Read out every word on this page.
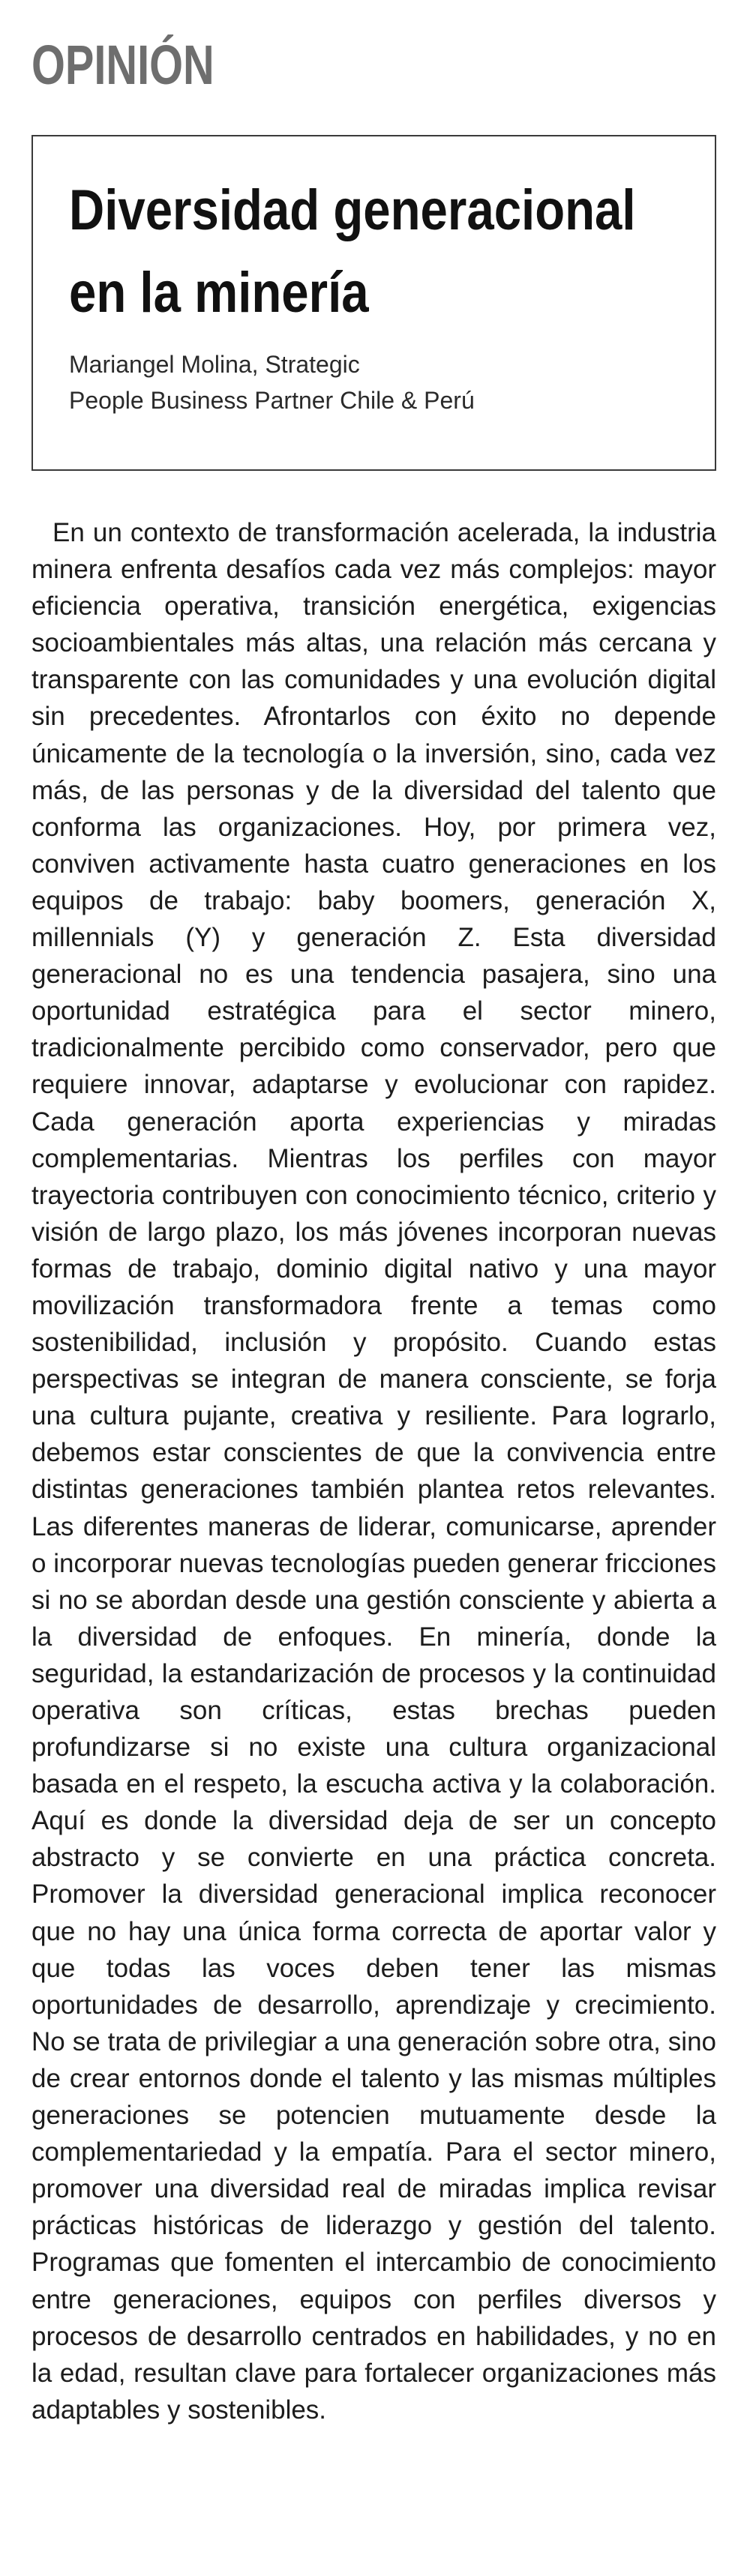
OPINIÓN
Diversidad generacional
en la minería
Mariangel Molina, Strategic
People Business Partner Chile & Perú

En un contexto de transformación acelerada, la industria minera enfrenta desafíos cada vez más complejos: mayor eficiencia operativa, transición energética, exigencias socioambientales más altas, una relación más cercana y transparente con las comunidades y una evolución digital sin precedentes. Afrontarlos con éxito no depende únicamente de la tecnología o la inversión, sino, cada vez más, de las personas y de la diversidad del talento que conforma las organizaciones. Hoy, por primera vez, conviven activamente hasta cuatro generaciones en los equipos de trabajo: baby boomers, generación X, millennials (Y) y generación Z. Esta diversidad generacional no es una tendencia pasajera, sino una oportunidad estratégica para el sector minero, tradicionalmente percibido como conservador, pero que requiere innovar, adaptarse y evolucionar con rapidez. Cada generación aporta experiencias y miradas complementarias. Mientras los perfiles con mayor trayectoria contribuyen con conocimiento técnico, criterio y visión de largo plazo, los más jóvenes incorporan nuevas formas de trabajo, dominio digital nativo y una mayor movilización transformadora frente a temas como sostenibilidad, inclusión y propósito. Cuando estas perspectivas se integran de manera consciente, se forja una cultura pujante, creativa y resiliente. Para lograrlo, debemos estar conscientes de que la convivencia entre distintas generaciones también plantea retos relevantes. Las diferentes maneras de liderar, comunicarse, aprender o incorporar nuevas tecnologías pueden generar fricciones si no se abordan desde una gestión consciente y abierta a la diversidad de enfoques. En minería, donde la seguridad, la estandarización de procesos y la continuidad operativa son críticas, estas brechas pueden profundizarse si no existe una cultura organizacional basada en el respeto, la escucha activa y la colaboración. Aquí es donde la diversidad deja de ser un concepto abstracto y se convierte en una práctica concreta. Promover la diversidad generacional implica reconocer que no hay una única forma correcta de aportar valor y que todas las voces deben tener las mismas oportunidades de desarrollo, aprendizaje y crecimiento. No se trata de privilegiar a una generación sobre otra, sino de crear entornos donde el talento y las mismas múltiples generaciones se potencien mutuamente desde la complementariedad y la empatía. Para el sector minero, promover una diversidad real de miradas implica revisar prácticas históricas de liderazgo y gestión del talento. Programas que fomenten el intercambio de conocimiento entre generaciones, equipos con perfiles diversos y procesos de desarrollo centrados en habilidades, y no en la edad, resultan clave para fortalecer organizaciones más adaptables y sostenibles.
